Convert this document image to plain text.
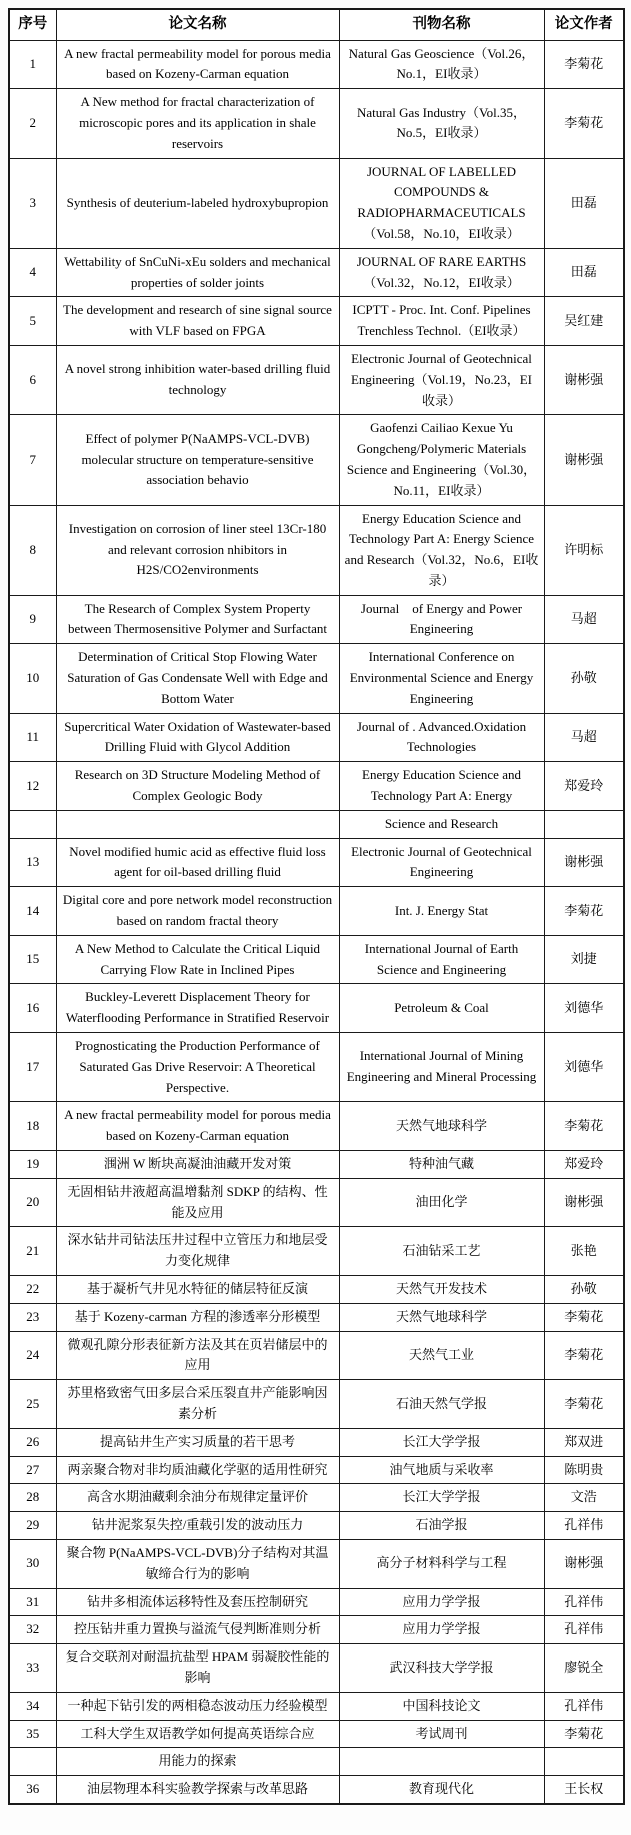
序号	论文名称	刊物名称	论文作者
1	A new fractal permeability model for porous media based on Kozeny-Carman equation	Natural Gas Geoscience（Vol.26，No.1，EI收录）	李菊花
2	A New method for fractal characterization of microscopic pores and its application in shale reservoirs	Natural Gas Industry（Vol.35，No.5，EI收录）	李菊花
3	Synthesis of deuterium-labeled hydroxybupropion	JOURNAL OF LABELLED COMPOUNDS & RADIOPHARMACEUTICALS（Vol.58，No.10，EI收录）	田磊
4	Wettability of SnCuNi-xEu solders and mechanical properties of solder joints	JOURNAL OF RARE EARTHS（Vol.32，No.12，EI收录）	田磊
5	The development and research of sine signal source with VLF based on FPGA	ICPTT - Proc. Int. Conf. Pipelines Trenchless Technol.（EI收录）	吴红建
6	A novel strong inhibition water-based drilling fluid technology	Electronic Journal of Geotechnical Engineering（Vol.19，No.23，EI收录）	谢彬强
7	Effect of polymer P(NaAMPS-VCL-DVB) molecular structure on temperature-sensitive association behavio	Gaofenzi Cailiao Kexue Yu Gongcheng/Polymeric Materials Science and Engineering（Vol.30，No.11，EI收录）	谢彬强
8	Investigation on corrosion of liner steel 13Cr-180 and relevant corrosion nhibitors in H2S/CO2environments	Energy Education Science and Technology Part A: Energy Science and Research（Vol.32，No.6，EI收录）	许明标
9	The Research of Complex System Property between Thermosensitive Polymer and Surfactant	Journal　of Energy and Power Engineering	马超
10	Determination of Critical Stop Flowing Water Saturation of Gas Condensate Well with Edge and Bottom Water	International Conference on Environmental Science and Energy Engineering	孙敬
11	Supercritical Water Oxidation of Wastewater-based Drilling Fluid with Glycol Addition	Journal of . Advanced.Oxidation Technologies	马超
12	Research on 3D Structure Modeling Method of Complex Geologic Body	Energy Education Science and Technology Part A: Energy	郑爱玲
		Science and Research	
13	Novel modified humic acid as effective fluid loss agent for oil-based drilling fluid	Electronic Journal of Geotechnical Engineering	谢彬强
14	Digital core and pore network model reconstruction based on random fractal theory	Int. J. Energy Stat	李菊花
15	A New Method to Calculate the Critical Liquid Carrying Flow Rate in Inclined Pipes	International Journal of Earth Science and Engineering	刘捷
16	Buckley-Leverett Displacement Theory for Waterflooding Performance in Stratified Reservoir	Petroleum & Coal	刘德华
17	Prognosticating the Production Performance of Saturated Gas Drive Reservoir: A Theoretical Perspective.	International Journal of Mining Engineering and Mineral Processing	刘德华
18	A new fractal permeability model for porous media based on Kozeny-Carman equation	天然气地球科学	李菊花
19	涠洲 W 断块高凝油油藏开发对策	特种油气藏	郑爱玲
20	无固相钻井液超高温增黏剂 SDKP 的结构、性能及应用	油田化学	谢彬强
21	深水钻井司钻法压井过程中立管压力和地层受力变化规律	石油钻采工艺	张艳
22	基于凝析气井见水特征的储层特征反演	天然气开发技术	孙敬
23	基于 Kozeny-carman 方程的渗透率分形模型	天然气地球科学	李菊花
24	微观孔隙分形表征新方法及其在页岩储层中的应用	天然气工业	李菊花
25	苏里格致密气田多层合采压裂直井产能影响因素分析	石油天然气学报	李菊花
26	提高钻井生产实习质量的若干思考	长江大学学报	郑双进
27	两亲聚合物对非均质油藏化学驱的适用性研究	油气地质与采收率	陈明贵
28	高含水期油藏剩余油分布规律定量评价	长江大学学报	文浩
29	钻井泥浆泵失控/重载引发的波动压力	石油学报	孔祥伟
30	聚合物 P(NaAMPS-VCL-DVB)分子结构对其温敏缔合行为的影响	高分子材料科学与工程	谢彬强
31	钻井多相流体运移特性及套压控制研究	应用力学学报	孔祥伟
32	控压钻井重力置换与溢流气侵判断准则分析	应用力学学报	孔祥伟
33	复合交联剂对耐温抗盐型 HPAM 弱凝胶性能的影响	武汉科技大学学报	廖锐全
34	一种起下钻引发的两相稳态波动压力经验模型	中国科技论文	孔祥伟
35	工科大学生双语教学如何提高英语综合应	考试周刊	李菊花
	用能力的探索		
36	油层物理本科实验教学探索与改革思路	教育现代化	王长权
